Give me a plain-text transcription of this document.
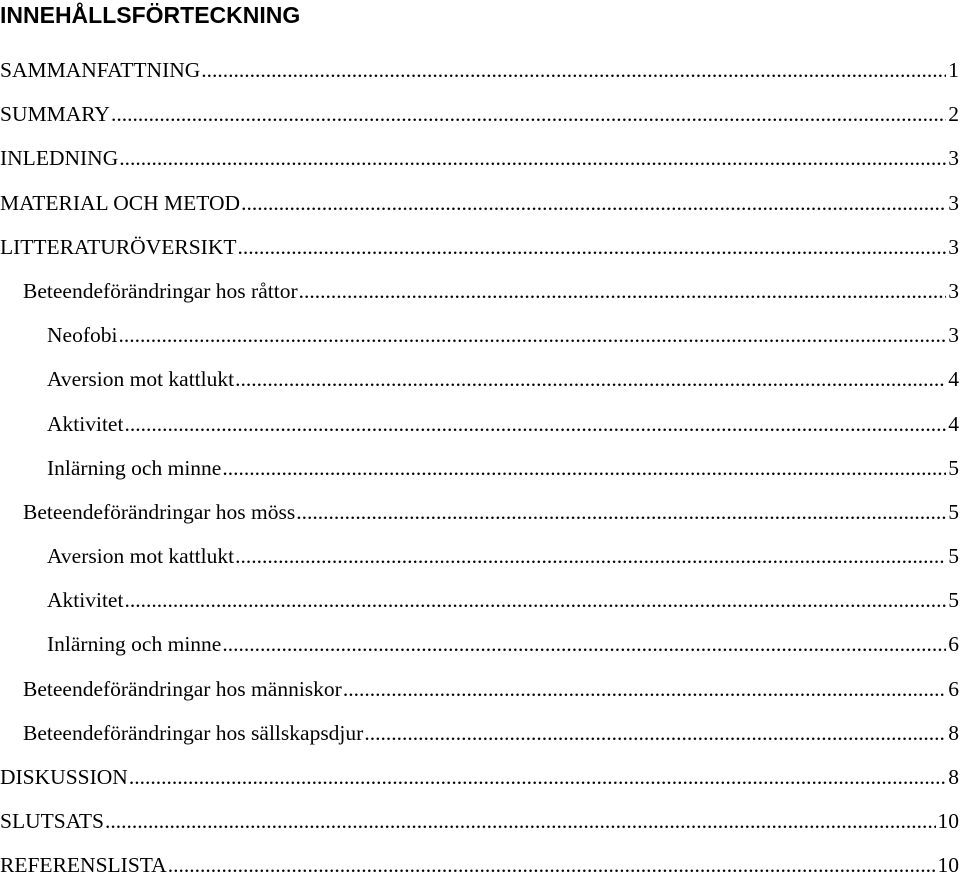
INNEHÅLLSFÖRTECKNING
SAMMANFATTNING .....	1
SUMMARY .....	2
INLEDNING .....	3
MATERIAL OCH METOD .....	3
LITTERATURÖVERSIKT .....	3
Beteendeförändringar hos råttor .....	3
Neofobi .....	3
Aversion mot kattlukt .....	4
Aktivitet .....	4
Inlärning och minne .....	5
Beteendeförändringar hos möss .....	5
Aversion mot kattlukt .....	5
Aktivitet .....	5
Inlärning och minne .....	6
Beteendeförändringar hos människor .....	6
Beteendeförändringar hos sällskapsdjur .....	8
DISKUSSION .....	8
SLUTSATS .....	10
REFERENSLISTA .....	10
